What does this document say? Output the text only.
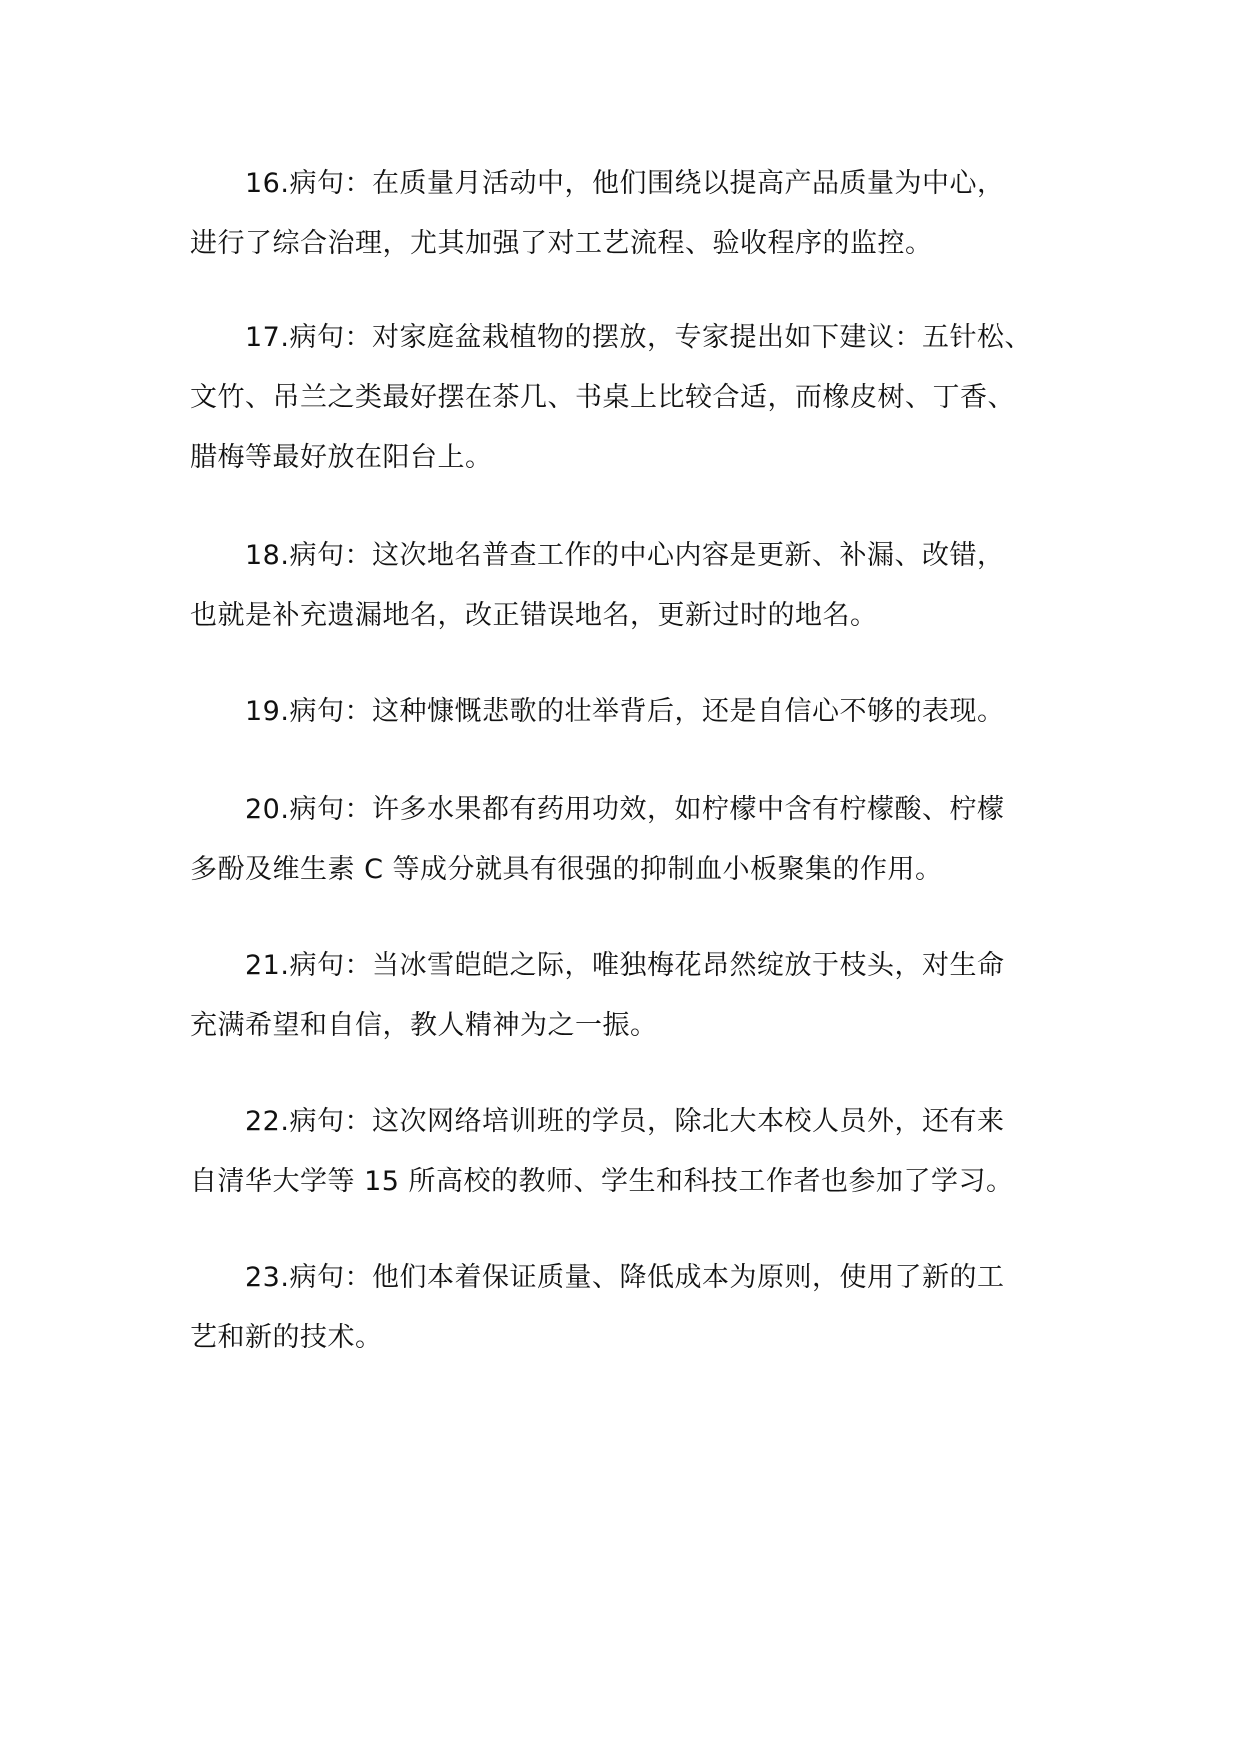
16.病句：在质量月活动中，他们围绕以提高产品质量为中心，
进行了综合治理，尤其加强了对工艺流程、验收程序的监控。
17.病句：对家庭盆栽植物的摆放，专家提出如下建议：五针松、
文竹、吊兰之类最好摆在茶几、书桌上比较合适，而橡皮树、丁香、
腊梅等最好放在阳台上。
18.病句：这次地名普查工作的中心内容是更新、补漏、改错，
也就是补充遗漏地名，改正错误地名，更新过时的地名。
19.病句：这种慷慨悲歌的壮举背后，还是自信心不够的表现。
20.病句：许多水果都有药用功效，如柠檬中含有柠檬酸、柠檬
多酚及维生素 C 等成分就具有很强的抑制血小板聚集的作用。
21.病句：当冰雪皑皑之际，唯独梅花昂然绽放于枝头，对生命
充满希望和自信，教人精神为之一振。
22.病句：这次网络培训班的学员，除北大本校人员外，还有来
自清华大学等 15 所高校的教师、学生和科技工作者也参加了学习。
23.病句：他们本着保证质量、降低成本为原则，使用了新的工
艺和新的技术。
